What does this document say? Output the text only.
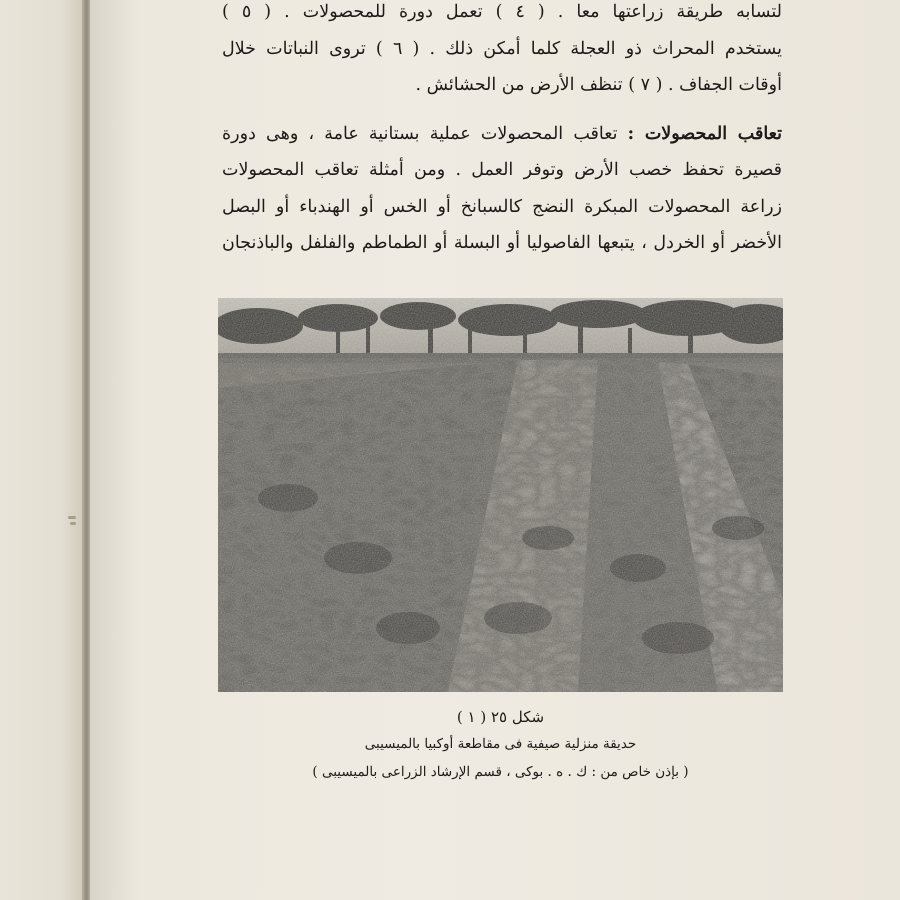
لتسابه طريقة زراعتها معا . ( ٤ ) تعمل دورة للمحصولات . ( ٥ )
يستخدم المحراث ذو العجلة كلما أمكن ذلك . ( ٦ ) تروى النباتات خلال
أوقات الجفاف . ( ٧ ) تنظف الأرض من الحشائش .

تعاقب المحصولات : تعاقب المحصولات عملية بستانية عامة ، وهى دورة
قصيرة تحفظ خصب الأرض وتوفر العمل . ومن أمثلة تعاقب المحصولات
زراعة المحصولات المبكرة النضج كالسبانخ أو الخس أو الهندباء أو البصل
الأخضر أو الخردل ، يتبعها الفاصوليا أو البسلة أو الطماطم والفلفل والباذنجان

شكل ٢٥ ( ١ )
حديقة منزلية صيفية فى مقاطعة أوكبيا بالميسيبى
( بإذن خاص من : ك . ه . بوكى ، قسم الإرشاد الزراعى بالميسيبى )
